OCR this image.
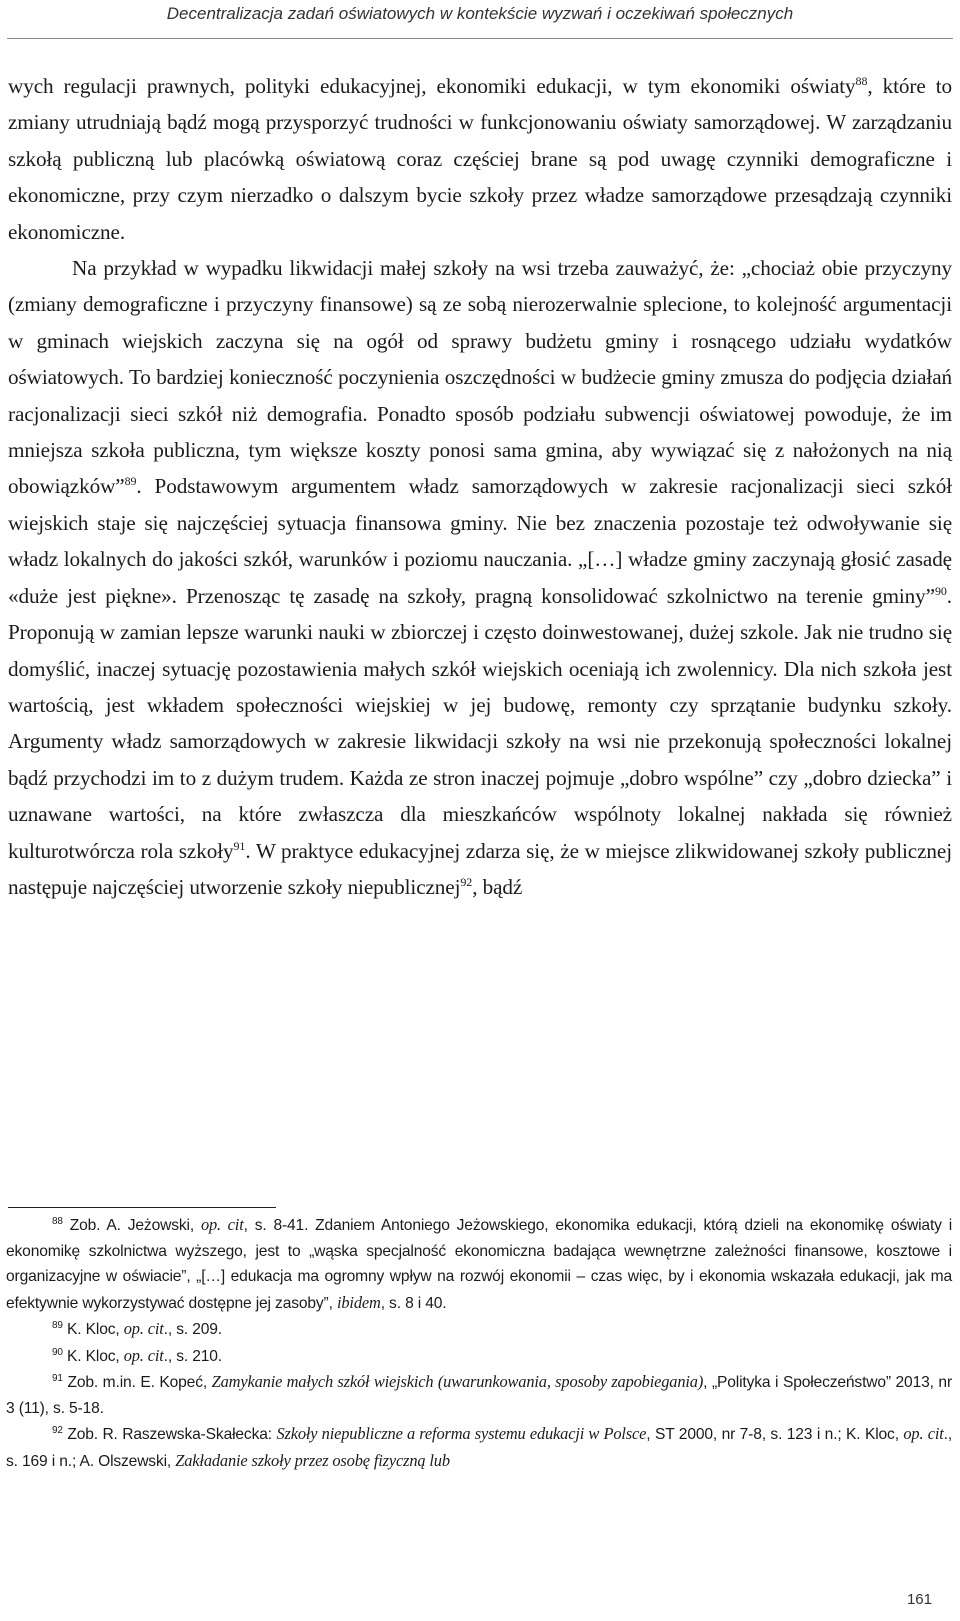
Decentralizacja zadań oświatowych w kontekście wyzwań i oczekiwań społecznych

wych regulacji prawnych, polityki edukacyjnej, ekonomiki edukacji, w tym ekonomiki oświaty$^{88}$, które to zmiany utrudniają bądź mogą przysporzyć trudności w funkcjonowaniu oświaty samorządowej. W zarządzaniu szkołą publiczną lub placówką oświatową coraz częściej brane są pod uwagę czynniki demograficzne i ekonomiczne, przy czym nierzadko o dalszym bycie szkoły przez władze samorządowe przesądzają czynniki ekonomiczne.

Na przykład w wypadku likwidacji małej szkoły na wsi trzeba zauważyć, że: „chociaż obie przyczyny (zmiany demograficzne i przyczyny finansowe) są ze sobą nierozerwalnie splecione, to kolejność argumentacji w gminach wiejskich zaczyna się na ogół od sprawy budżetu gminy i rosnącego udziału wydatków oświatowych. To bardziej konieczność poczynienia oszczędności w budżecie gminy zmusza do podjęcia działań racjonalizacji sieci szkół niż demografia. Ponadto sposób podziału subwencji oświatowej powoduje, że im mniejsza szkoła publiczna, tym większe koszty ponosi sama gmina, aby wywiązać się z nałożonych na nią obowiązków”$^{89}$. Podstawowym argumentem władz samorządowych w zakresie racjonalizacji sieci szkół wiejskich staje się najczęściej sytuacja finansowa gminy. Nie bez znaczenia pozostaje też odwoływanie się władz lokalnych do jakości szkół, warunków i poziomu nauczania. „[…] władze gminy zaczynają głosić zasadę «duże jest piękne». Przenosząc tę zasadę na szkoły, pragną konsolidować szkolnictwo na terenie gminy”$^{90}$. Proponują w zamian lepsze warunki nauki w zbiorczej i często doinwestowanej, dużej szkole. Jak nie trudno się domyślić, inaczej sytuację pozostawienia małych szkół wiejskich oceniają ich zwolennicy. Dla nich szkoła jest wartością, jest wkładem społeczności wiejskiej w jej budowę, remonty czy sprzątanie budynku szkoły. Argumenty władz samorządowych w zakresie likwidacji szkoły na wsi nie przekonują społeczności lokalnej bądź przychodzi im to z dużym trudem. Każda ze stron inaczej pojmuje „dobro wspólne” czy „dobro dziecka” i uznawane wartości, na które zwłaszcza dla mieszkańców wspólnoty lokalnej nakłada się również kulturotwórcza rola szkoły$^{91}$. W praktyce edukacyjnej zdarza się, że w miejsce zlikwidowanej szkoły publicznej następuje najczęściej utworzenie szkoły niepublicznej$^{92}$, bądź

$^{88}$ Zob. A. Jeżowski, op. cit, s. 8-41. Zdaniem Antoniego Jeżowskiego, ekonomika edukacji, którą dzieli na ekonomikę oświaty i ekonomikę szkolnictwa wyższego, jest to „wąska specjalność ekonomiczna badająca wewnętrzne zależności finansowe, kosztowe i organizacyjne w oświacie”, „[…] edukacja ma ogromny wpływ na rozwój ekonomii – czas więc, by i ekonomia wskazała edukacji, jak ma efektywnie wykorzystywać dostępne jej zasoby”, ibidem, s. 8 i 40.

$^{89}$ K. Kloc, op. cit., s. 209.

$^{90}$ K. Kloc, op. cit., s. 210.

$^{91}$ Zob. m.in. E. Kopeć, Zamykanie małych szkół wiejskich (uwarunkowania, sposoby zapobiegania), „Polityka i Społeczeństwo” 2013, nr 3 (11), s. 5-18.

$^{92}$ Zob. R. Raszewska-Skałecka: Szkoły niepubliczne a reforma systemu edukacji w Polsce, ST 2000, nr 7-8, s. 123 i n.; K. Kloc, op. cit., s. 169 i n.; A. Olszewski, Zakładanie szkoły przez osobę fizyczną lub

161
